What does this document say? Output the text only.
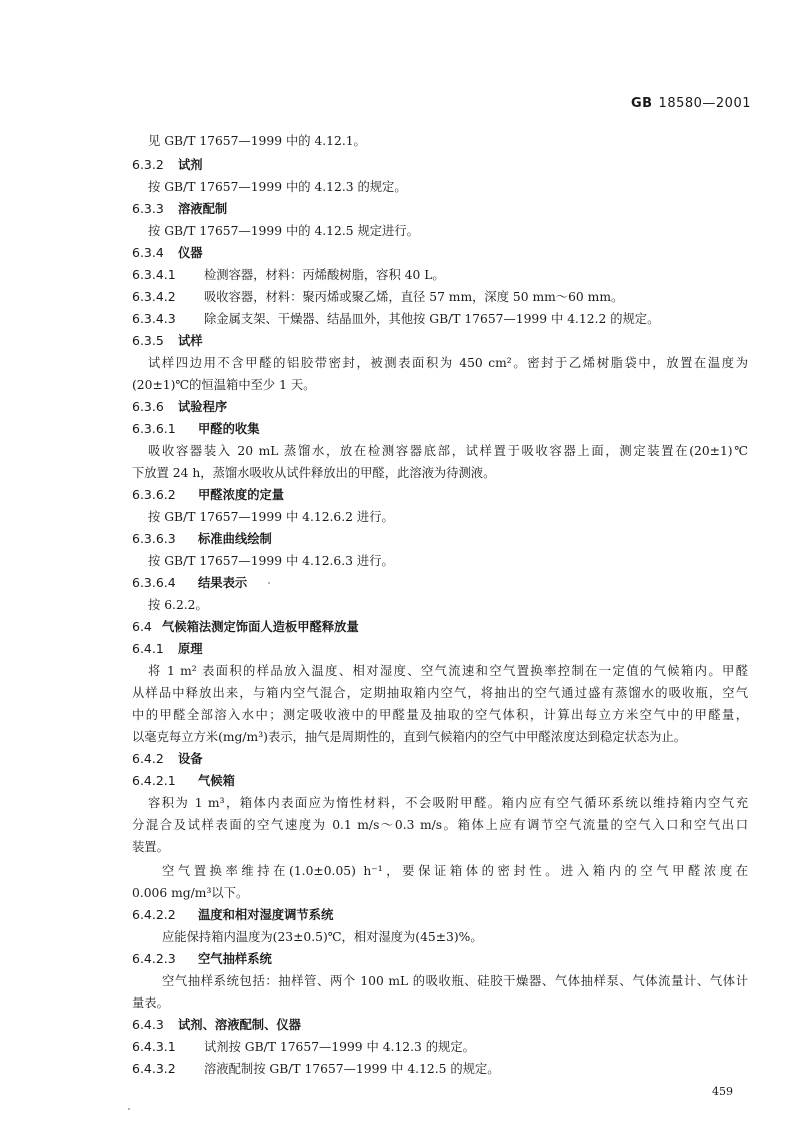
GB 18580—2001
见 GB/T 17657—1999 中的 4.12.1。
6.3.2 试剂
按 GB/T 17657—1999 中的 4.12.3 的规定。
6.3.3 溶液配制
按 GB/T 17657—1999 中的 4.12.5 规定进行。
6.3.4 仪器
6.3.4.1 检测容器，材料：丙烯酸树脂，容积 40 L。
6.3.4.2 吸收容器，材料：聚丙烯或聚乙烯，直径 57 mm，深度 50 mm～60 mm。
6.3.4.3 除金属支架、干燥器、结晶皿外，其他按 GB/T 17657—1999 中 4.12.2 的规定。
6.3.5 试样
试样四边用不含甲醛的铝胶带密封，被测表面积为 450 cm²。密封于乙烯树脂袋中，放置在温度为
(20±1)℃的恒温箱中至少 1 天。
6.3.6 试验程序
6.3.6.1 甲醛的收集
吸收容器装入 20 mL 蒸馏水，放在检测容器底部，试样置于吸收容器上面，测定装置在(20±1)℃
下放置 24 h，蒸馏水吸收从试件释放出的甲醛，此溶液为待测液。
6.3.6.2 甲醛浓度的定量
按 GB/T 17657—1999 中 4.12.6.2 进行。
6.3.6.3 标准曲线绘制
按 GB/T 17657—1999 中 4.12.6.3 进行。
6.3.6.4 结果表示
按 6.2.2。
6.4 气候箱法测定饰面人造板甲醛释放量
6.4.1 原理
将 1 m² 表面积的样品放入温度、相对湿度、空气流速和空气置换率控制在一定值的气候箱内。甲醛
从样品中释放出来，与箱内空气混合，定期抽取箱内空气，将抽出的空气通过盛有蒸馏水的吸收瓶，空气
中的甲醛全部溶入水中；测定吸收液中的甲醛量及抽取的空气体积，计算出每立方米空气中的甲醛量，
以毫克每立方米(mg/m³)表示，抽气是周期性的，直到气候箱内的空气中甲醛浓度达到稳定状态为止。
6.4.2 设备
6.4.2.1 气候箱
容积为 1 m³，箱体内表面应为惰性材料，不会吸附甲醛。箱内应有空气循环系统以维持箱内空气充
分混合及试样表面的空气速度为 0.1 m/s～0.3 m/s。箱体上应有调节空气流量的空气入口和空气出口
装置。
空气置换率维持在(1.0±0.05) h⁻¹，要保证箱体的密封性。进入箱内的空气甲醛浓度在
0.006 mg/m³以下。
6.4.2.2 温度和相对湿度调节系统
应能保持箱内温度为(23±0.5)℃，相对湿度为(45±3)%。
6.4.2.3 空气抽样系统
空气抽样系统包括：抽样管、两个 100 mL 的吸收瓶、硅胶干燥器、气体抽样泵、气体流量计、气体计
量表。
6.4.3 试剂、溶液配制、仪器
6.4.3.1 试剂按 GB/T 17657—1999 中 4.12.3 的规定。
6.4.3.2 溶液配制按 GB/T 17657—1999 中 4.12.5 的规定。
459
